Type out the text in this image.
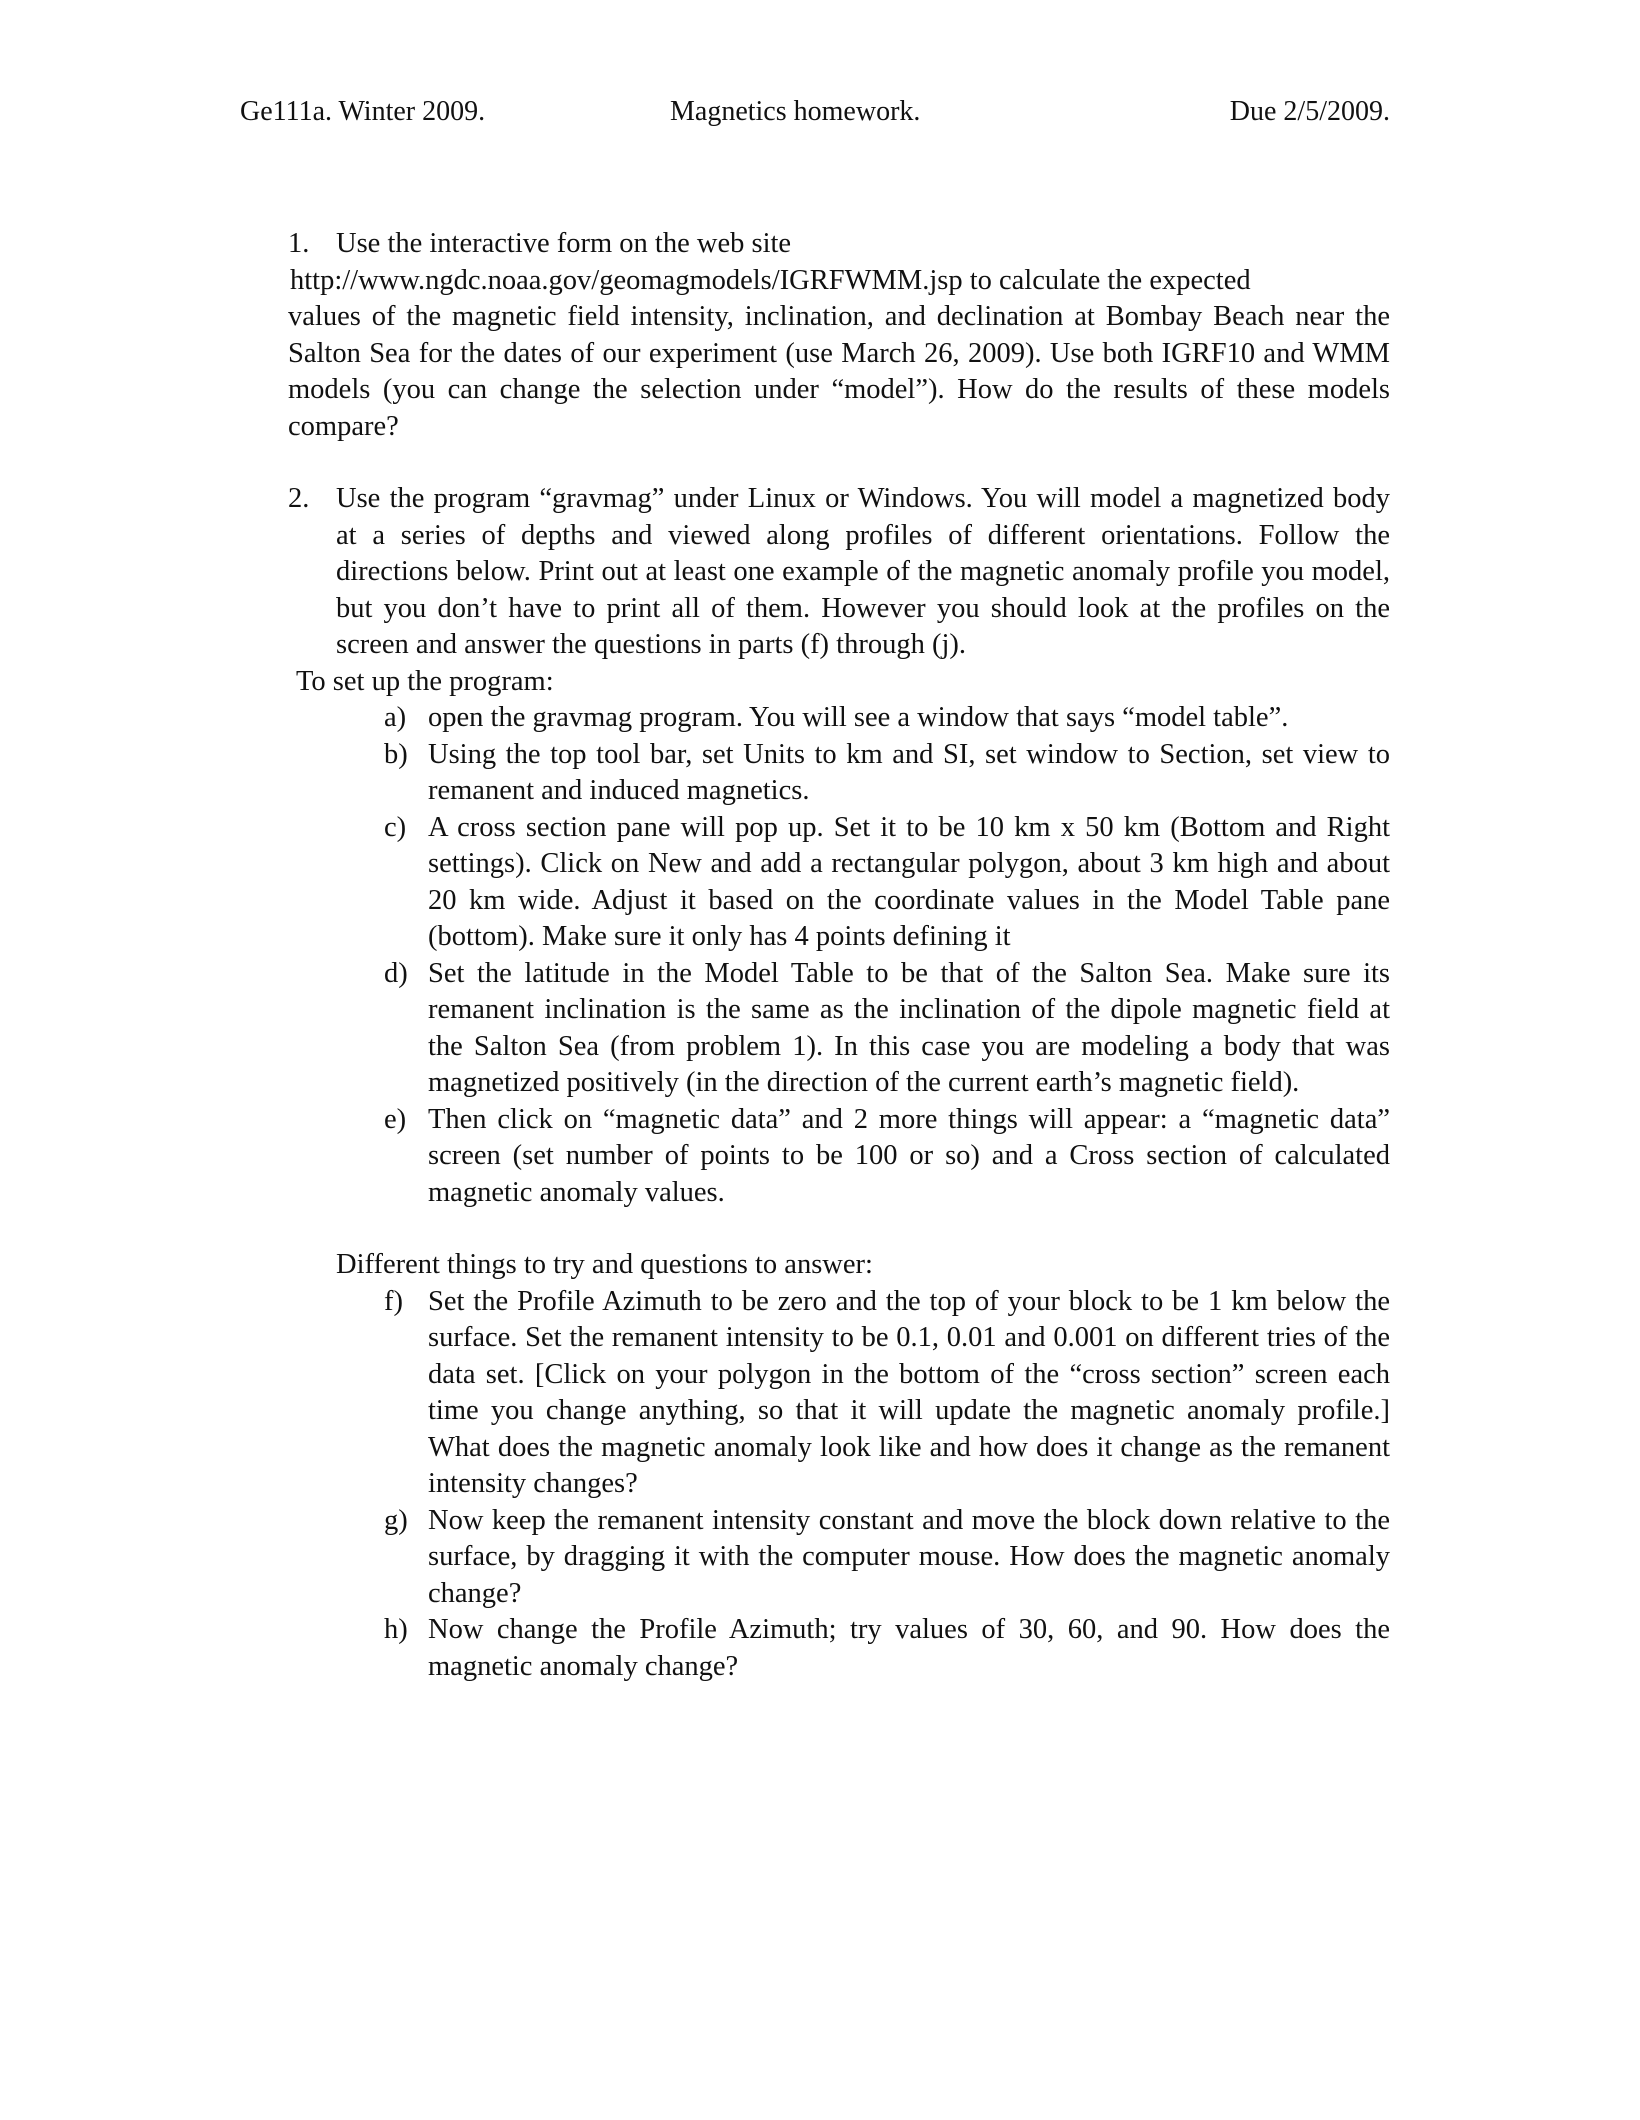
Ge111a. Winter 2009.	Magnetics homework.	Due 2/5/2009.
1. Use the interactive form on the web site
http://www.ngdc.noaa.gov/geomagmodels/IGRFWMM.jsp to calculate the expected
values of the magnetic field intensity, inclination, and declination at Bombay Beach near the Salton Sea for the dates of our experiment (use March 26, 2009). Use both IGRF10 and WMM models (you can change the selection under “model”). How do the results of these models compare?
2. Use the program “gravmag” under Linux or Windows. You will model a magnetized body at a series of depths and viewed along profiles of different orientations. Follow the directions below. Print out at least one example of the magnetic anomaly profile you model, but you don’t have to print all of them. However you should look at the profiles on the screen and answer the questions in parts (f) through (j).
To set up the program:
a) open the gravmag program. You will see a window that says “model table”.
b) Using the top tool bar, set Units to km and SI, set window to Section, set view to remanent and induced magnetics.
c) A cross section pane will pop up. Set it to be 10 km x 50 km (Bottom and Right settings). Click on New and add a rectangular polygon, about 3 km high and about 20 km wide. Adjust it based on the coordinate values in the Model Table pane (bottom). Make sure it only has 4 points defining it
d) Set the latitude in the Model Table to be that of the Salton Sea. Make sure its remanent inclination is the same as the inclination of the dipole magnetic field at the Salton Sea (from problem 1). In this case you are modeling a body that was magnetized positively (in the direction of the current earth’s magnetic field).
e) Then click on “magnetic data” and 2 more things will appear: a “magnetic data” screen (set number of points to be 100 or so) and a Cross section of calculated magnetic anomaly values.
Different things to try and questions to answer:
f) Set the Profile Azimuth to be zero and the top of your block to be 1 km below the surface. Set the remanent intensity to be 0.1, 0.01 and 0.001 on different tries of the data set. [Click on your polygon in the bottom of the “cross section” screen each time you change anything, so that it will update the magnetic anomaly profile.] What does the magnetic anomaly look like and how does it change as the remanent intensity changes?
g) Now keep the remanent intensity constant and move the block down relative to the surface, by dragging it with the computer mouse. How does the magnetic anomaly change?
h) Now change the Profile Azimuth; try values of 30, 60, and 90. How does the magnetic anomaly change?
